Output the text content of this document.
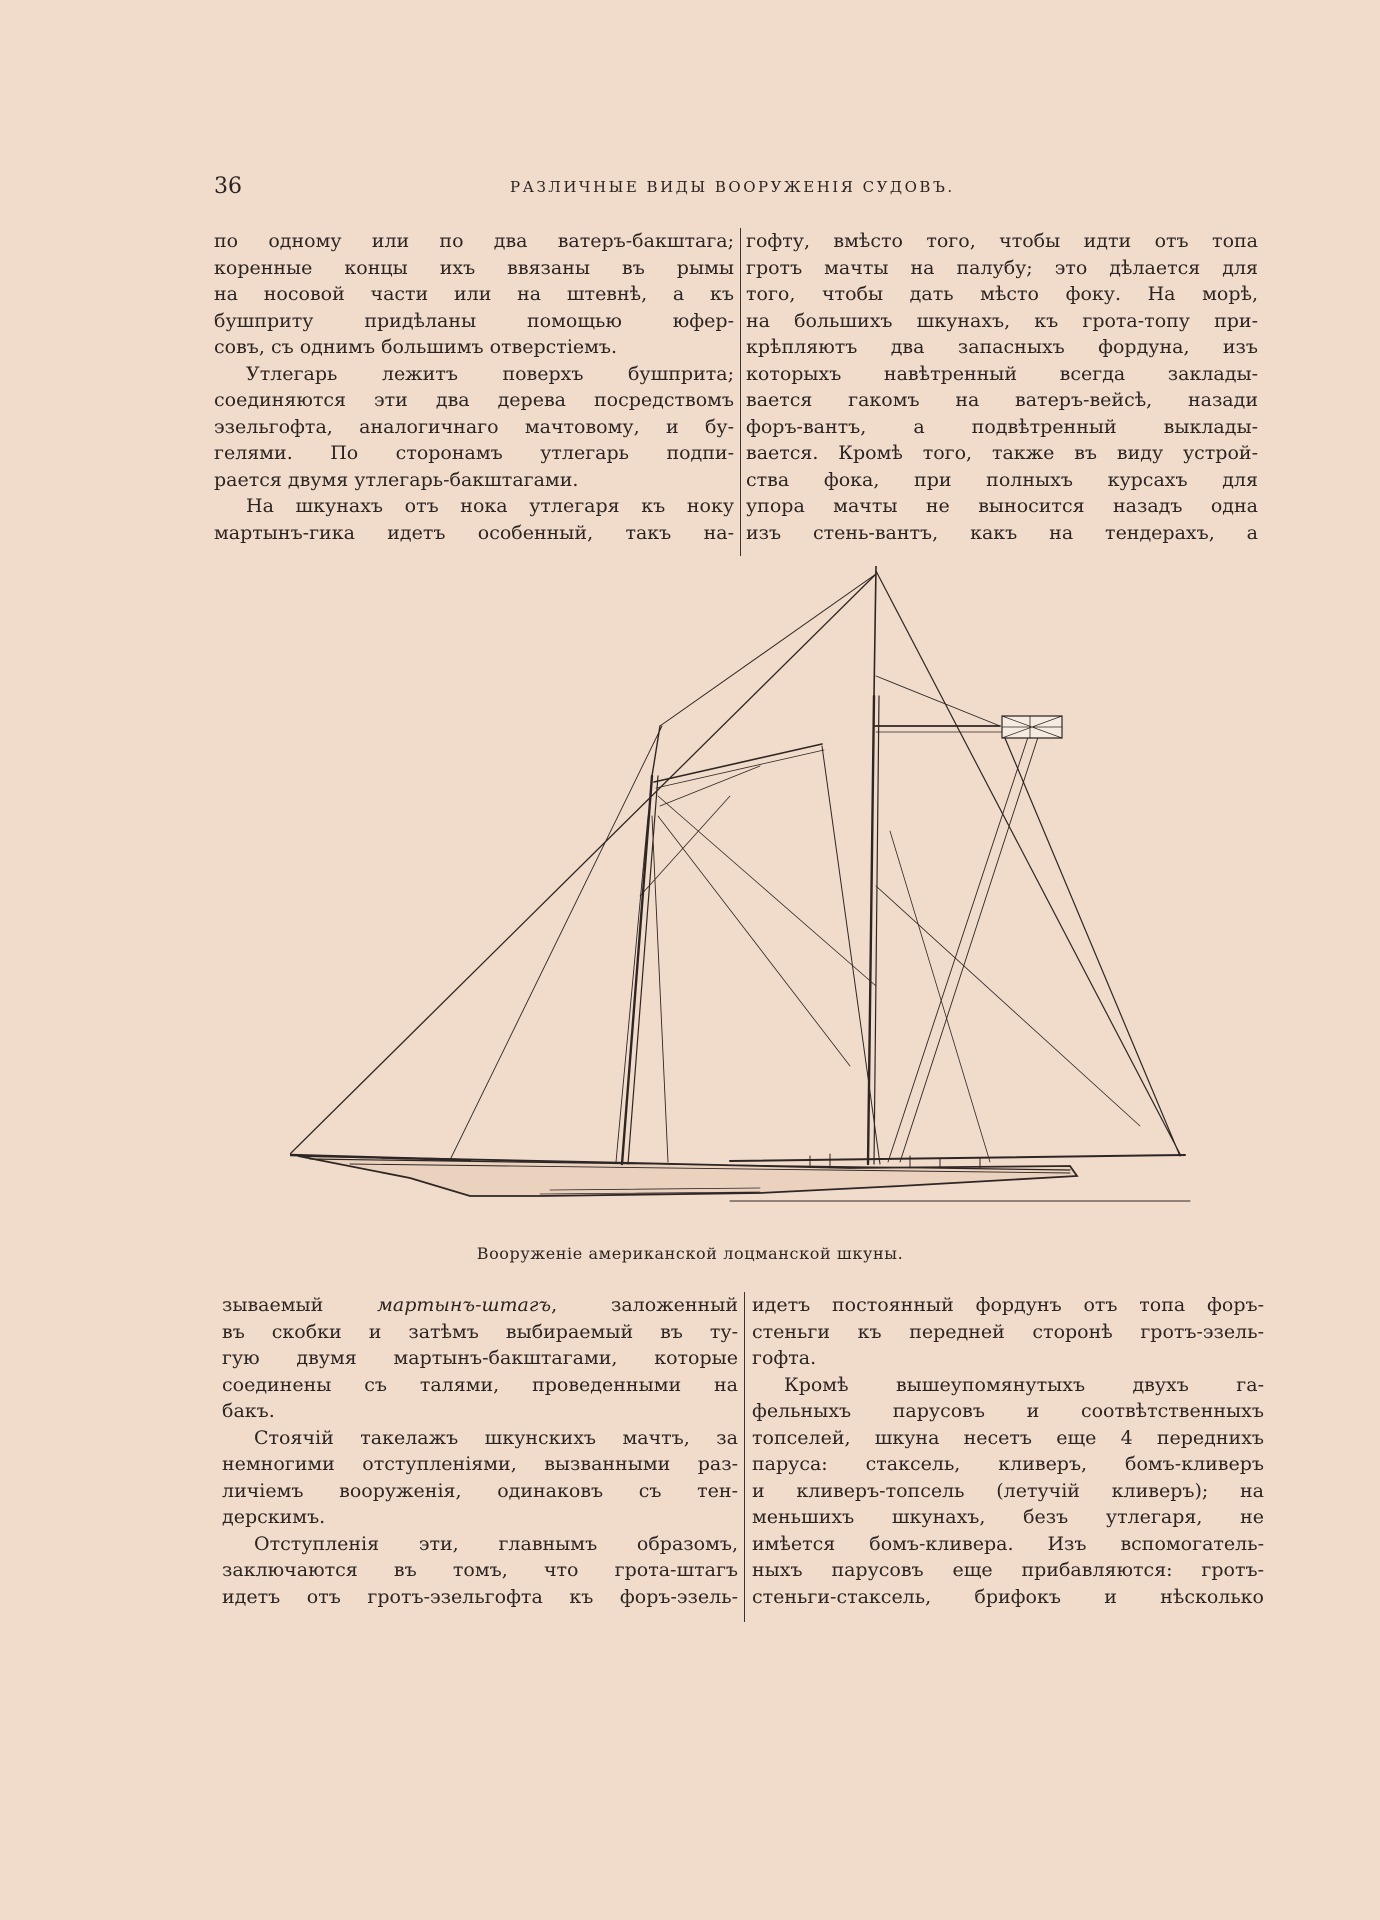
36	РАЗЛИЧНЫЕ ВИДЫ ВООРУЖЕНІЯ СУДОВЪ.
по одному или по два ватеръ-бакштага;
коренные концы ихъ ввязаны въ рымы
на носовой части или на штевнѣ, а къ
бушприту придѣланы помощью юфер-
совъ, съ однимъ большимъ отверстіемъ.
Утлегарь лежитъ поверхъ бушприта;
соединяются эти два дерева посредствомъ
эзельгофта, аналогичнаго мачтовому, и бу-
гелями. По сторонамъ утлегарь подпи-
рается двумя утлегарь-бакштагами.
На шкунахъ отъ нока утлегаря къ ноку
мартынъ-гика идетъ особенный, такъ на-
гофту, вмѣсто того, чтобы идти отъ топа
гротъ мачты на палубу; это дѣлается для
того, чтобы дать мѣсто фоку. На морѣ,
на большихъ шкунахъ, къ грота-топу при-
крѣпляютъ два запасныхъ фордуна, изъ
которыхъ навѣтренный всегда заклады-
вается гакомъ на ватеръ-вейсѣ, назади
форъ-вантъ, а подвѣтренный выклады-
вается. Кромѣ того, также въ виду устрой-
ства фока, при полныхъ курсахъ для
упора мачты не выносится назадъ одна
изъ стень-вантъ, какъ на тендерахъ, а
Вооруженіе американской лоцманской шкуны.
зываемый	мартынъ-штагъ, заложенный
въ скобки и затѣмъ выбираемый въ ту-
гую двумя мартынъ-бакштагами, которые
соединены съ талями, проведенными на
бакъ.
Стоячій такелажъ шкунскихъ мачтъ, за
немногими отступленіями, вызванными раз-
личіемъ вооруженія, одинаковъ съ тен-
дерскимъ.
Отступленія эти, главнымъ образомъ,
заключаются въ томъ, что грота-штагъ
идетъ отъ гротъ-эзельгофта къ форъ-эзель-
идетъ постоянный фордунъ отъ топа форъ-
стеньги къ передней сторонѣ гротъ-эзель-
гофта.
Кромѣ вышеупомянутыхъ двухъ га-
фельныхъ парусовъ и соотвѣтственныхъ
топселей, шкуна несетъ еще 4 переднихъ
паруса: стаксель, кливеръ, бомъ-кливеръ
и кливеръ-топсель (летучій кливеръ); на
меньшихъ шкунахъ, безъ утлегаря, не
имѣется бомъ-кливера. Изъ вспомогатель-
ныхъ парусовъ еще прибавляются: гротъ-
стеньги-стаксель, брифокъ и нѣсколько
